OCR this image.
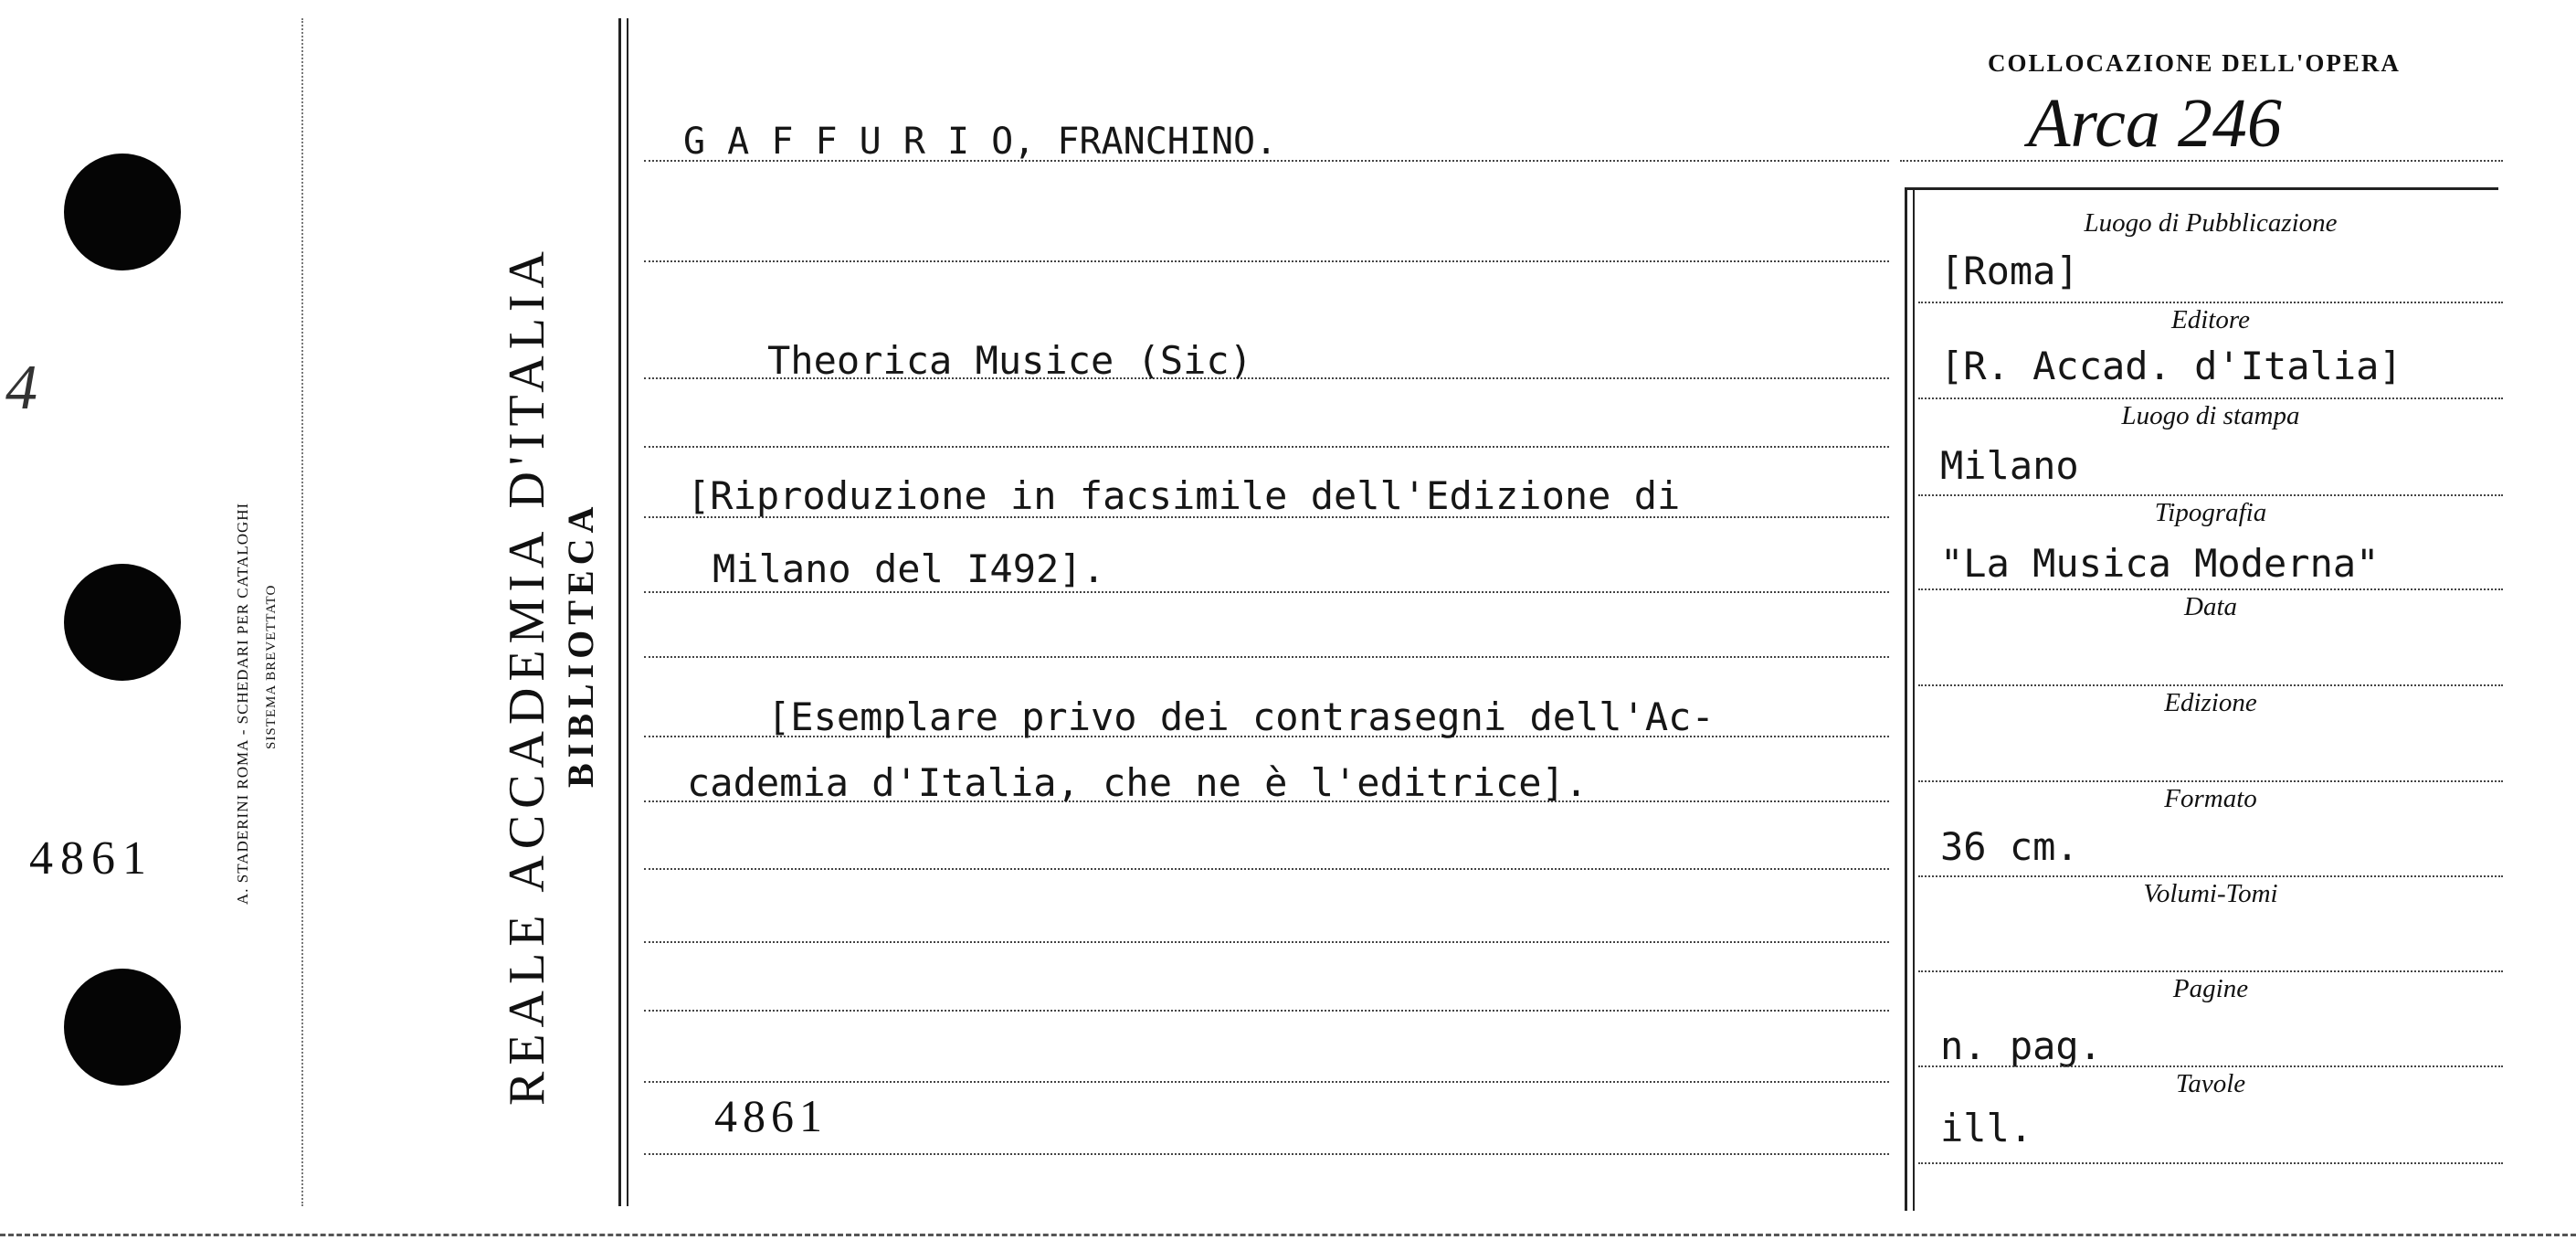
4
4861	A. STADERINI ROMA - SCHEDARI PER CATALOGHI SISTEMA BREVETTATO	REALE ACCADEMIA D'ITALIA BIBLIOTECA
G A F F U R I O, FRANCHINO.
Theorica Musice (Sic)
[Riproduzione in facsimile dell'Edizione di
Milano del I492].
[Esemplare privo dei contrasegni dell'Ac-
cademia d'Italia, che ne è l'editrice].
4861
COLLOCAZIONE DELL'OPERA
Arca 246
Luogo di Pubblicazione
Editore
Luogo di stampa
Tipografia
Data
Edizione
Formato
Volumi-Tomi
Pagine
Tavole
[Roma]
[R. Accad. d'Italia]
Milano
"La Musica Moderna"
36 cm.
n. pag.
ill.
